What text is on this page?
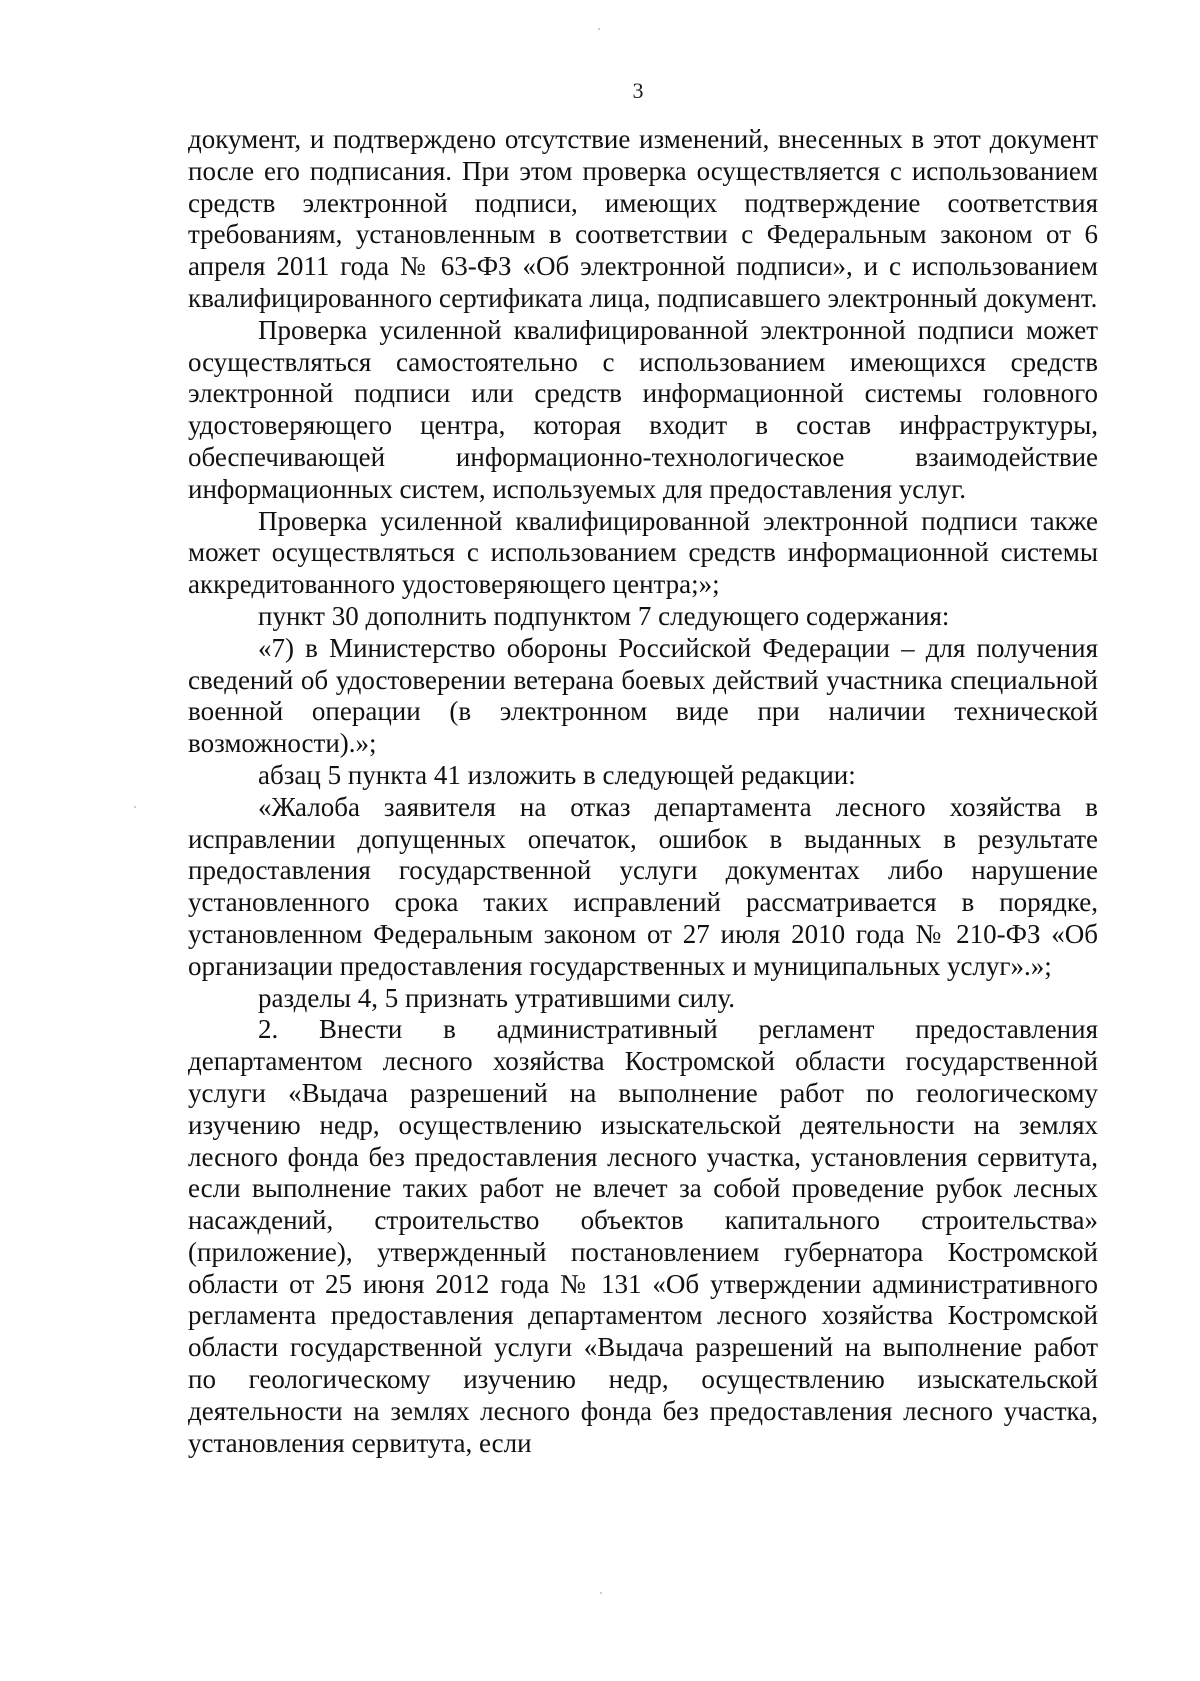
3

документ, и подтверждено отсутствие изменений, внесенных в этот документ после его подписания. При этом проверка осуществляется с использованием средств электронной подписи, имеющих подтверждение соответствия требованиям, установленным в соответствии с Федеральным законом от 6 апреля 2011 года № 63-ФЗ «Об электронной подписи», и с использованием квалифицированного сертификата лица, подписавшего электронный документ.

Проверка усиленной квалифицированной электронной подписи может осуществляться самостоятельно с использованием имеющихся средств электронной подписи или средств информационной системы головного удостоверяющего центра, которая входит в состав инфраструктуры, обеспечивающей информационно-технологическое взаимодействие информационных систем, используемых для предоставления услуг.

Проверка усиленной квалифицированной электронной подписи также может осуществляться с использованием средств информационной системы аккредитованного удостоверяющего центра;»;

пункт 30 дополнить подпунктом 7 следующего содержания:

«7) в Министерство обороны Российской Федерации – для получения сведений об удостоверении ветерана боевых действий участника специальной военной операции (в электронном виде при наличии технической возможности).»;

абзац 5 пункта 41 изложить в следующей редакции:

«Жалоба заявителя на отказ департамента лесного хозяйства в исправлении допущенных опечаток, ошибок в выданных в результате предоставления государственной услуги документах либо нарушение установленного срока таких исправлений рассматривается в порядке, установленном Федеральным законом от 27 июля 2010 года № 210-ФЗ «Об организации предоставления государственных и муниципальных услуг».»;

разделы 4, 5 признать утратившими силу.

2. Внести в административный регламент предоставления департаментом лесного хозяйства Костромской области государственной услуги «Выдача разрешений на выполнение работ по геологическому изучению недр, осуществлению изыскательской деятельности на землях лесного фонда без предоставления лесного участка, установления сервитута, если выполнение таких работ не влечет за собой проведение рубок лесных насаждений, строительство объектов капитального строительства» (приложение), утвержденный постановлением губернатора Костромской области от 25 июня 2012 года № 131 «Об утверждении административного регламента предоставления департаментом лесного хозяйства Костромской области государственной услуги «Выдача разрешений на выполнение работ по геологическому изучению недр, осуществлению изыскательской деятельности на землях лесного фонда без предоставления лесного участка, установления сервитута, если
